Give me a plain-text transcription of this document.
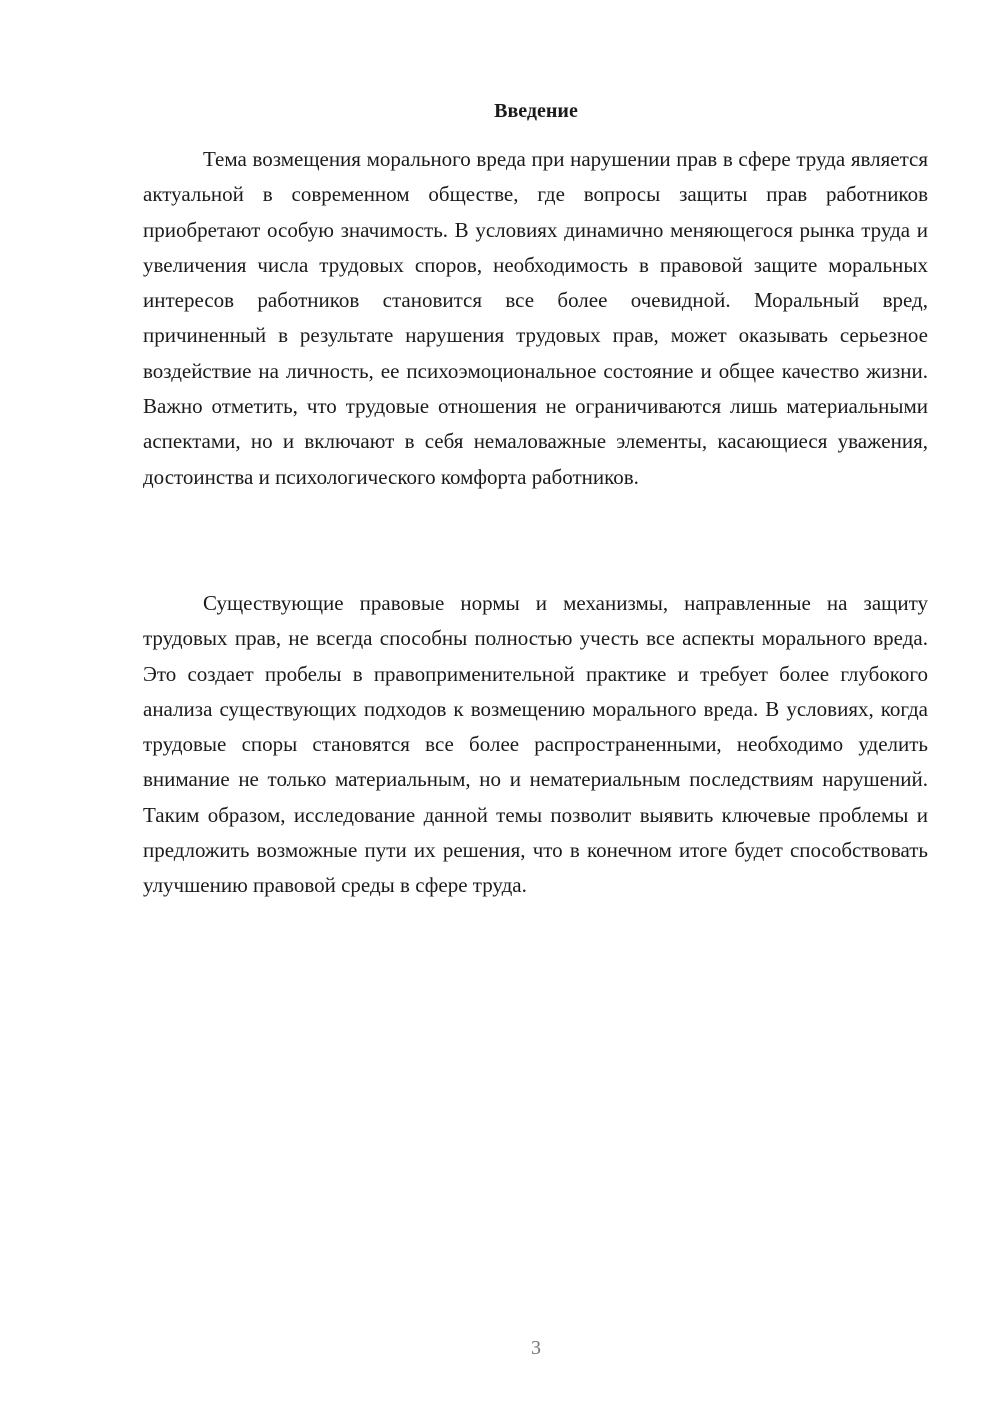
Введение

Тема возмещения морального вреда при нарушении прав в сфере труда является актуальной в современном обществе, где вопросы защиты прав работников приобретают особую значимость. В условиях динамично меняющегося рынка труда и увеличения числа трудовых споров, необходимость в правовой защите моральных интересов работников становится все более очевидной. Моральный вред, причиненный в результате нарушения трудовых прав, может оказывать серьезное воздействие на личность, ее психоэмоциональное состояние и общее качество жизни. Важно отметить, что трудовые отношения не ограничиваются лишь материальными аспектами, но и включают в себя немаловажные элементы, касающиеся уважения, достоинства и психологического комфорта работников.

Существующие правовые нормы и механизмы, направленные на защиту трудовых прав, не всегда способны полностью учесть все аспекты морального вреда. Это создает пробелы в правоприменительной практике и требует более глубокого анализа существующих подходов к возмещению морального вреда. В условиях, когда трудовые споры становятся все более распространенными, необходимо уделить внимание не только материальным, но и нематериальным последствиям нарушений. Таким образом, исследование данной темы позволит выявить ключевые проблемы и предложить возможные пути их решения, что в конечном итоге будет способствовать улучшению правовой среды в сфере труда.

3
